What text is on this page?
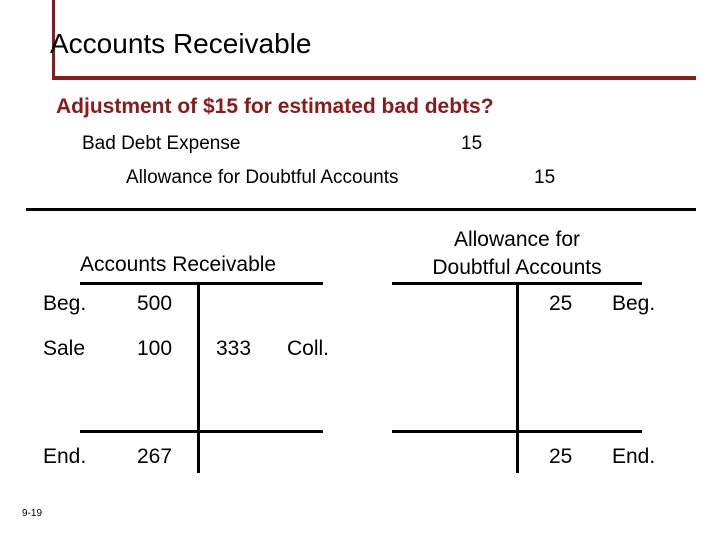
Accounts Receivable
Adjustment of $15 for estimated bad debts?
Bad Debt Expense	15
Allowance for Doubtful Accounts	15
Accounts Receivable
Beg. 500
Sale 100 333 Coll.
End. 267
Allowance for
Doubtful Accounts
25 Beg.
25 End.
9-19
